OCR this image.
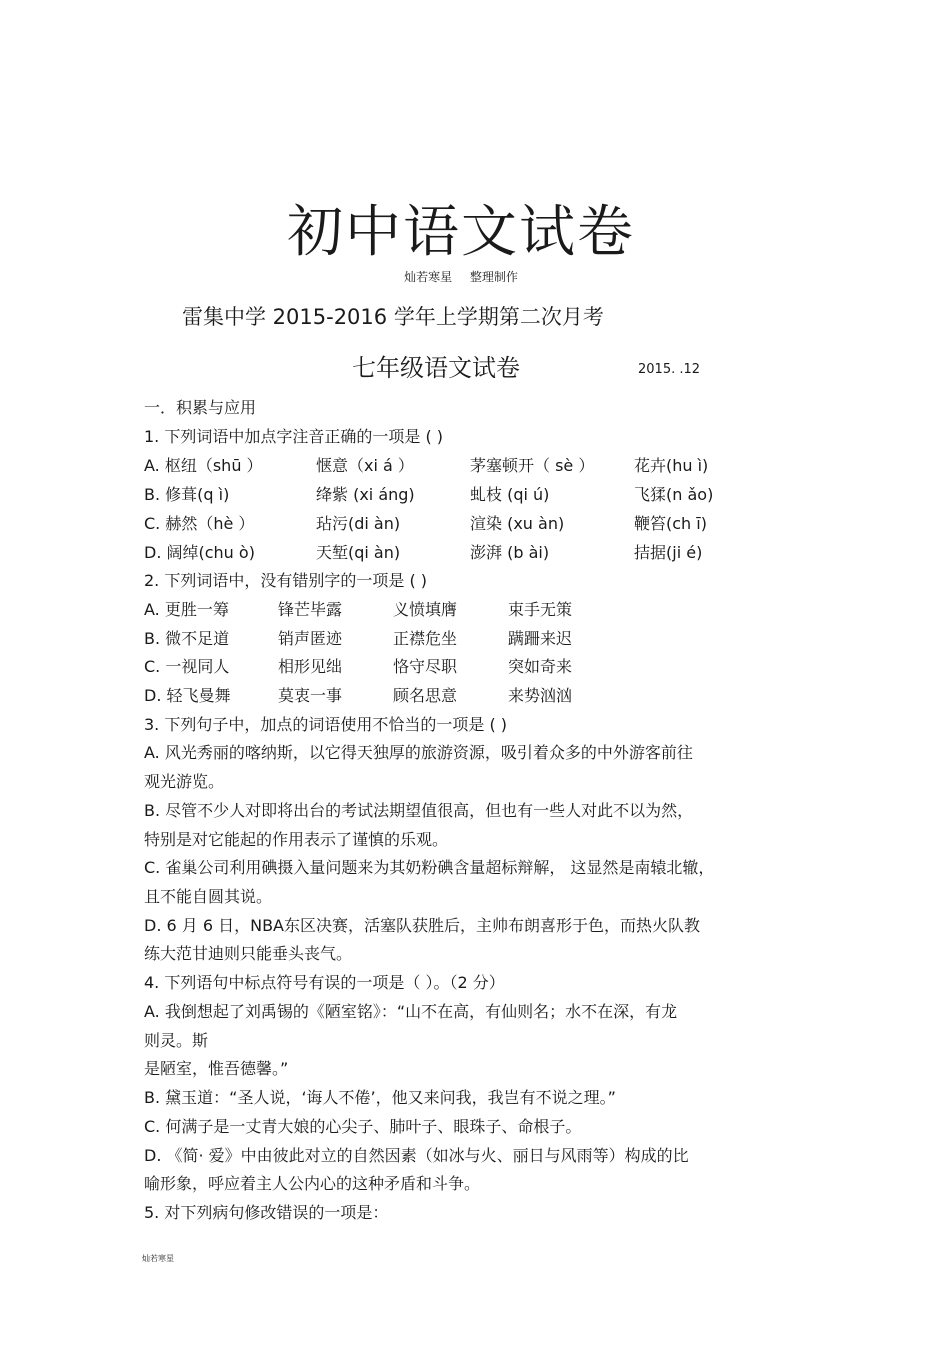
初中语文试卷
灿若寒星 整理制作
雷集中学 2015-2016 学年上学期第二次月考
七年级语文试卷	2015. .12
一．积累与应用
1. 下列词语中加点字注音正确的一项是 ( )
A. 枢纽（shū ）	惬意（xi á ）	茅塞顿开（ sè ） 花卉(hu ì)
B. 修葺(q ì)	绛紫 (xi áng)	虬枝 (qi ú)	飞猱(n ǎo)
C. 赫然（hè ）	玷污(di àn)	渲染 (xu àn)	鞭笞(ch ī)
D. 阔绰(chu ò)	天堑(qi àn)	澎湃 (b ài)	拮据(ji é)
2. 下列词语中，没有错别字的一项是 ( )
A. 更胜一筹	锋芒毕露	义愤填膺	束手无策
B. 微不足道	销声匿迹	正襟危坐	蹒跚来迟
C. 一视同人	相形见绌	恪守尽职	突如奇来
D. 轻飞曼舞	莫衷一事	顾名思意	来势汹汹
3. 下列句子中，加点的词语使用不恰当的一项是 ( )
A. 风光秀丽的喀纳斯，以它得天独厚的旅游资源，吸引着众多的中外游客前往
观光游览。
B. 尽管不少人对即将出台的考试法期望值很高，但也有一些人对此不以为然，
特别是对它能起的作用表示了谨慎的乐观。
C. 雀巢公司利用碘摄入量问题来为其奶粉碘含量超标辩解， 这显然是南辕北辙，
且不能自圆其说。
D. 6 月 6 日，NBA东区决赛，活塞队获胜后，主帅布朗喜形于色，而热火队教
练大范甘迪则只能垂头丧气。
4. 下列语句中标点符号有误的一项是（ ）。（2 分）
A. 我倒想起了刘禹锡的《陋室铭》：“山不在高，有仙则名；水不在深，有龙
则灵。斯
是陋室，惟吾德馨。”
B. 黛玉道：“圣人说，‘诲人不倦’，他又来问我，我岂有不说之理。”
C. 何满子是一丈青大娘的心尖子、肺叶子、眼珠子、命根子。
D. 《简· 爱》中由彼此对立的自然因素（如冰与火、丽日与风雨等）构成的比
喻形象，呼应着主人公内心的这种矛盾和斗争。
5. 对下列病句修改错误的一项是：
灿若寒星
